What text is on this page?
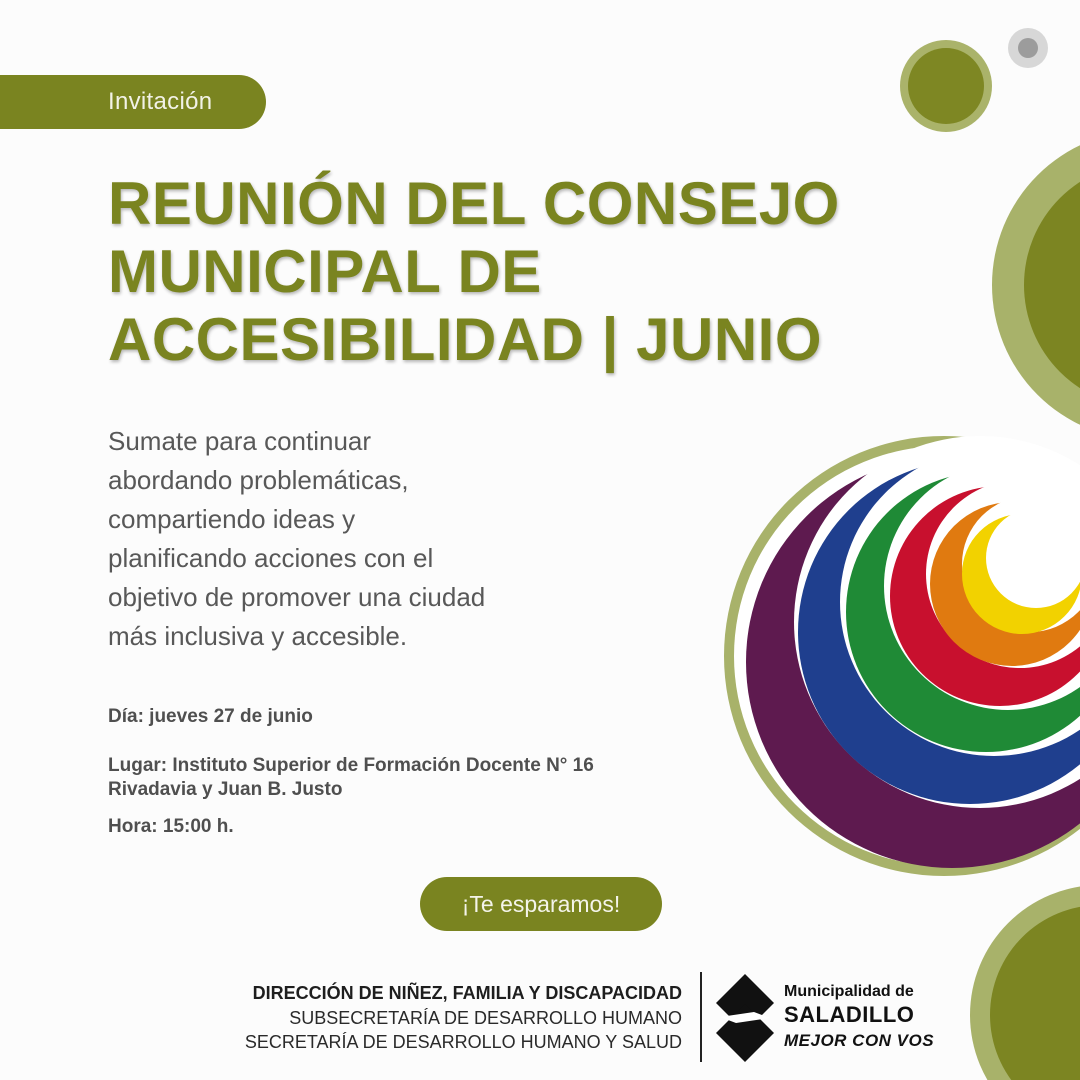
Invitación
REUNIÓN DEL CONSEJO
MUNICIPAL DE
ACCESIBILIDAD | JUNIO

Sumate para continuar
abordando problemáticas,
compartiendo ideas y
planificando acciones con el
objetivo de promover una ciudad
más inclusiva y accesible.

Día: jueves 27 de junio

Lugar: Instituto Superior de Formación Docente N° 16
Rivadavia y Juan B. Justo

Hora: 15:00 h.

¡Te esparamos!
DIRECCIÓN DE NIÑEZ, FAMILIA Y DISCAPACIDAD
SUBSECRETARÍA DE DESARROLLO HUMANO
SECRETARÍA DE DESARROLLO HUMANO Y SALUD
Municipalidad de
SALADILLO
MEJOR CON VOS
